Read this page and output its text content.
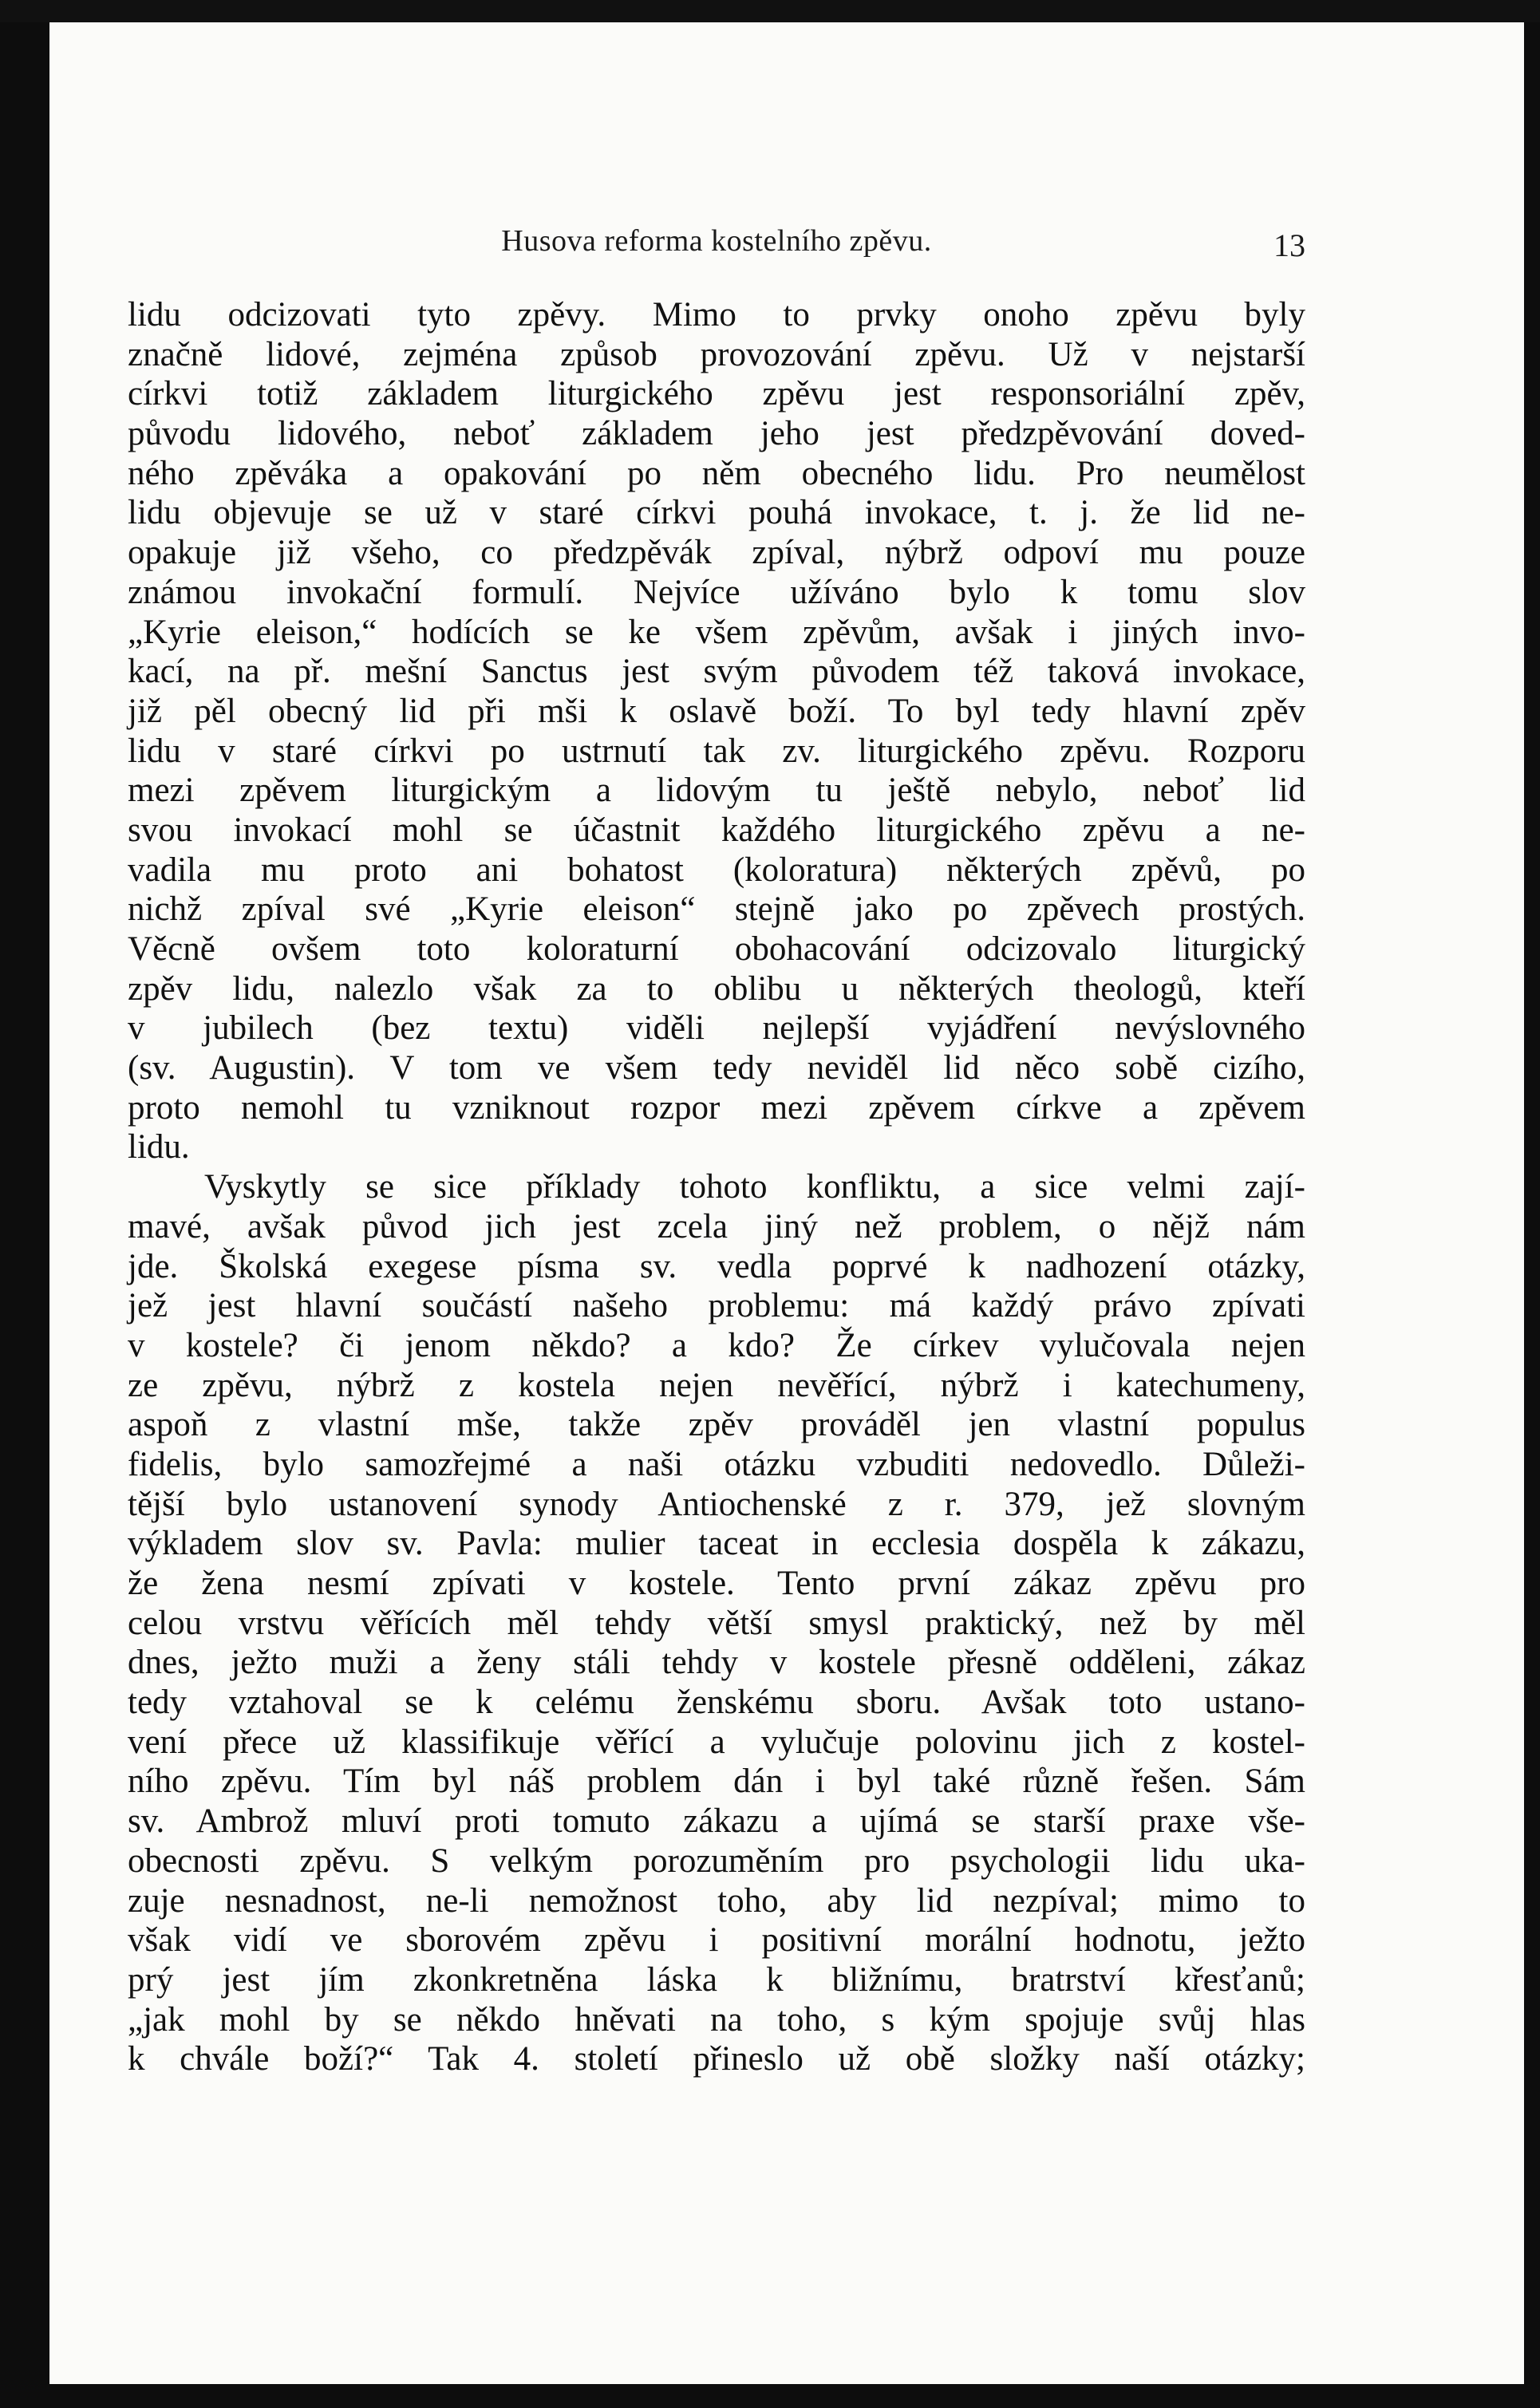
Husova reforma kostelního zpěvu.	13
lidu odcizovati tyto zpěvy. Mimo to prvky onoho zpěvu byly
značně lidové, zejména způsob provozování zpěvu. Už v nejstarší
církvi totiž základem liturgického zpěvu jest responsoriální zpěv,
původu lidového, neboť základem jeho jest předzpěvování doved-
ného zpěváka a opakování po něm obecného lidu. Pro neumělost
lidu objevuje se už v staré církvi pouhá invokace, t. j. že lid ne-
opakuje již všeho, co předzpěvák zpíval, nýbrž odpoví mu pouze
známou invokační formulí. Nejvíce užíváno bylo k tomu slov
„Kyrie eleison,“ hodících se ke všem zpěvům, avšak i jiných invo-
kací, na př. mešní Sanctus jest svým původem též taková invokace,
již pěl obecný lid při mši k oslavě boží. To byl tedy hlavní zpěv
lidu v staré církvi po ustrnutí tak zv. liturgického zpěvu. Rozporu
mezi zpěvem liturgickým a lidovým tu ještě nebylo, neboť lid
svou invokací mohl se účastnit každého liturgického zpěvu a ne-
vadila mu proto ani bohatost (koloratura) některých zpěvů, po
nichž zpíval své „Kyrie eleison“ stejně jako po zpěvech prostých.
Věcně ovšem toto koloraturní obohacování odcizovalo liturgický
zpěv lidu, nalezlo však za to oblibu u některých theologů, kteří
v jubilech (bez textu) viděli nejlepší vyjádření nevýslovného
(sv. Augustin). V tom ve všem tedy neviděl lid něco sobě cizího,
proto nemohl tu vzniknout rozpor mezi zpěvem církve a zpěvem
lidu.
Vyskytly se sice příklady tohoto konfliktu, a sice velmi zají-
mavé, avšak původ jich jest zcela jiný než problem, o nějž nám
jde. Školská exegese písma sv. vedla poprvé k nadhození otázky,
jež jest hlavní součástí našeho problemu: má každý právo zpívati
v kostele? či jenom někdo? a kdo? Že církev vylučovala nejen
ze zpěvu, nýbrž z kostela nejen nevěřící, nýbrž i katechumeny,
aspoň z vlastní mše, takže zpěv prováděl jen vlastní populus
fidelis, bylo samozřejmé a naši otázku vzbuditi nedovedlo. Důleži-
tější bylo ustanovení synody Antiochenské z r. 379, jež slovným
výkladem slov sv. Pavla: mulier taceat in ecclesia dospěla k zákazu,
že žena nesmí zpívati v kostele. Tento první zákaz zpěvu pro
celou vrstvu věřících měl tehdy větší smysl praktický, než by měl
dnes, ježto muži a ženy stáli tehdy v kostele přesně odděleni, zákaz
tedy vztahoval se k celému ženskému sboru. Avšak toto ustano-
vení přece už klassifikuje věřící a vylučuje polovinu jich z kostel-
ního zpěvu. Tím byl náš problem dán i byl také různě řešen. Sám
sv. Ambrož mluví proti tomuto zákazu a ujímá se starší praxe vše-
obecnosti zpěvu. S velkým porozuměním pro psychologii lidu uka-
zuje nesnadnost, ne-li nemožnost toho, aby lid nezpíval; mimo to
však vidí ve sborovém zpěvu i positivní morální hodnotu, ježto
prý jest jím zkonkretněna láska k bližnímu, bratrství křesťanů;
„jak mohl by se někdo hněvati na toho, s kým spojuje svůj hlas
k chvále boží?“ Tak 4. století přineslo už obě složky naší otázky;
